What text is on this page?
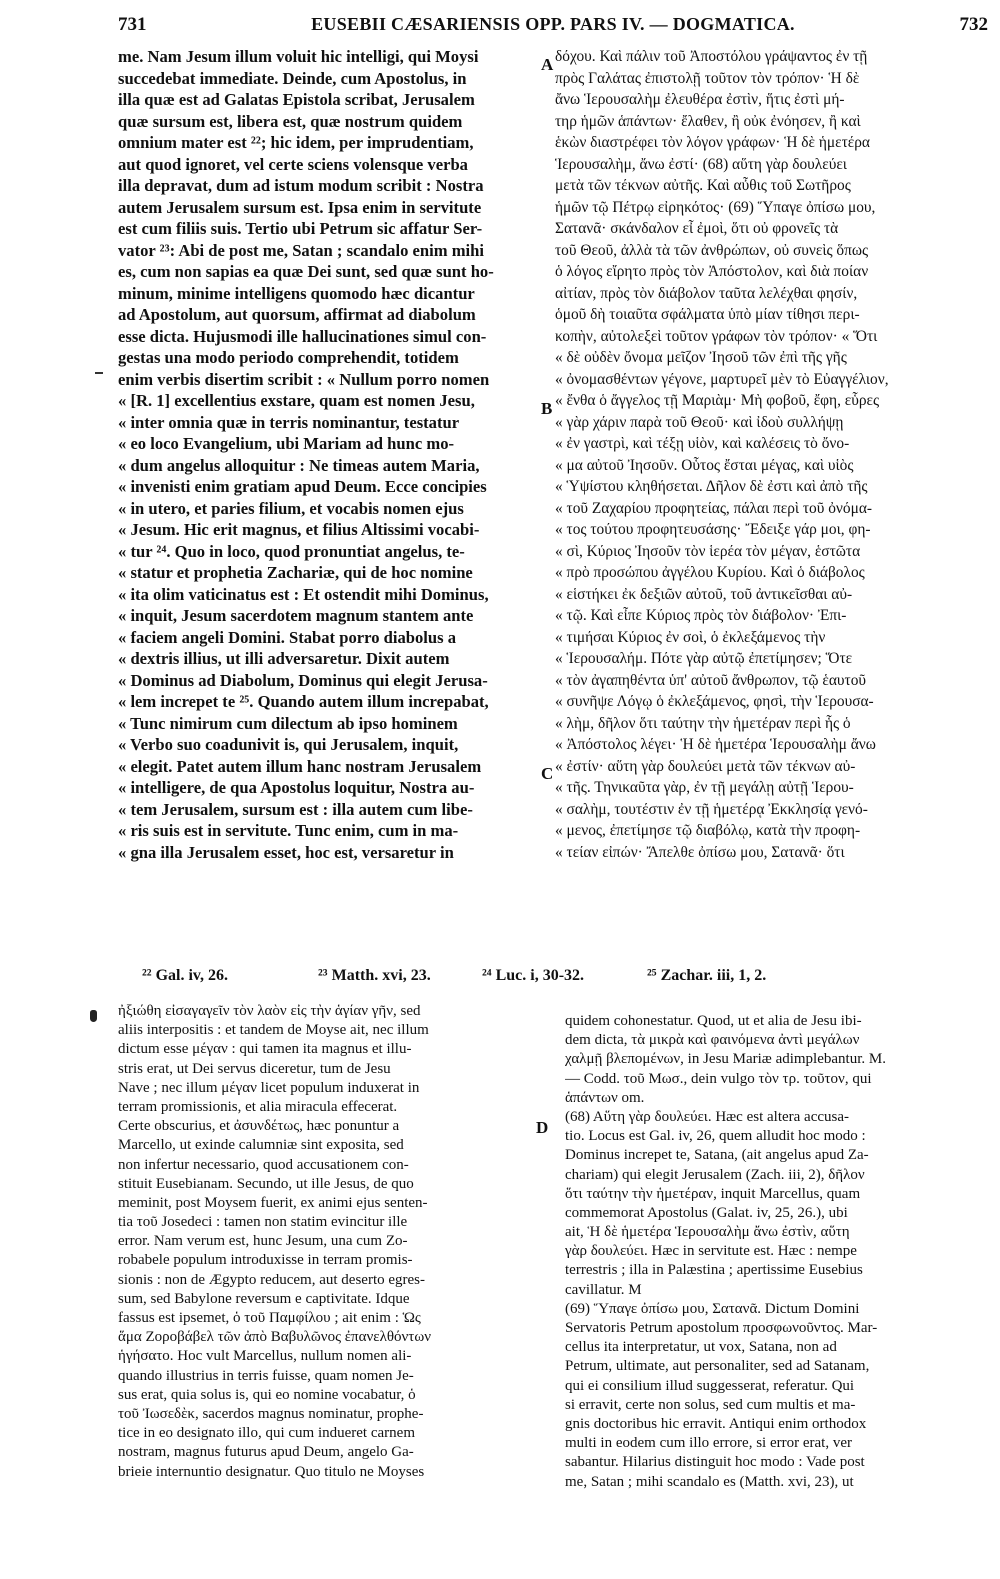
731	EUSEBII CÆSARIENSIS OPP. PARS IV. — DOGMATICA.	732
me. Nam Jesum illum voluit hic intelligi, qui Moysi
succedebat immediate. Deinde, cum Apostolus, in
illa quæ est ad Galatas Epistola scribat, Jerusalem
quæ sursum est, libera est, quæ nostrum quidem
omnium mater est ²²; hic idem, per imprudentiam,
aut quod ignoret, vel certe sciens volensque verba
illa depravat, dum ad istum modum scribit : Nostra
autem Jerusalem sursum est. Ipsa enim in servitute
est cum filiis suis. Tertio ubi Petrum sic affatur Ser-
vator ²³: Abi de post me, Satan ; scandalo enim mihi
es, cum non sapias ea quæ Dei sunt, sed quæ sunt ho-
minum, minime intelligens quomodo hæc dicantur
ad Apostolum, aut quorsum, affirmat ad diabolum
esse dicta. Hujusmodi ille hallucinationes simul con-
gestas una modo periodo comprehendit, totidem
enim verbis disertim scribit : « Nullum porro nomen
« [R. 1] excellentius exstare, quam est nomen Jesu,
« inter omnia quæ in terris nominantur, testatur
« eo loco Evangelium, ubi Mariam ad hunc mo-
« dum angelus alloquitur : Ne timeas autem Maria,
« invenisti enim gratiam apud Deum. Ecce concipies
« in utero, et paries filium, et vocabis nomen ejus
« Jesum. Hic erit magnus, et filius Altissimi vocabi-
« tur ²⁴. Quo in loco, quod pronuntiat angelus, te-
« statur et prophetia Zachariæ, qui de hoc nomine
« ita olim vaticinatus est : Et ostendit mihi Dominus,
« inquit, Jesum sacerdotem magnum stantem ante
« faciem angeli Domini. Stabat porro diabolus a
« dextris illius, ut illi adversaretur. Dixit autem
« Dominus ad Diabolum, Dominus qui elegit Jerusa-
« lem increpet te ²⁵. Quando autem illum increpabat,
« Tunc nimirum cum dilectum ab ipso hominem
« Verbo suo coadunivit is, qui Jerusalem, inquit,
« elegit. Patet autem illum hanc nostram Jerusalem
« intelligere, de qua Apostolus loquitur, Nostra au-
« tem Jerusalem, sursum est : illa autem cum libe-
« ris suis est in servitute. Tunc enim, cum in ma-
« gna illa Jerusalem esset, hoc est, versaretur in
δόχου. Καὶ πάλιν τοῦ Ἀποστόλου γράψαντος ἐν τῇ
πρὸς Γαλάτας ἐπιστολῇ τοῦτον τὸν τρόπον· Ἡ δὲ
ἄνω Ἱερουσαλὴμ ἐλευθέρα ἐστὶν, ἥτις ἐστὶ μή-
τηρ ἡμῶν ἁπάντων· ἔλαθεν, ἢ οὐκ ἐνόησεν, ἢ καὶ
ἑκὼν διαστρέφει τὸν λόγον γράφων· Ἡ δὲ ἡμετέρα
Ἱερουσαλὴμ, ἄνω ἐστί· (68) αὕτη γὰρ δουλεύει
μετὰ τῶν τέκνων αὐτῆς. Καὶ αὖθις τοῦ Σωτῆρος
ἡμῶν τῷ Πέτρῳ εἰρηκότος· (69) Ὕπαγε ὀπίσω μου,
Σατανᾶ· σκάνδαλον εἶ ἐμοὶ, ὅτι οὐ φρονεῖς τὰ
τοῦ Θεοῦ, ἀλλὰ τὰ τῶν ἀνθρώπων, οὐ συνεὶς ὅπως
ὁ λόγος εἴρητο πρὸς τὸν Ἀπόστολον, καὶ διὰ ποίαν
αἰτίαν, πρὸς τὸν διάβολον ταῦτα λελέχθαι φησίν,
ὁμοῦ δὴ τοιαῦτα σφάλματα ὑπὸ μίαν τίθησι περι-
κοπὴν, αὐτολεξεὶ τοῦτον γράφων τὸν τρόπον· « Ὅτι
« δὲ οὐδὲν ὄνομα μεῖζον Ἰησοῦ τῶν ἐπὶ τῆς γῆς
« ὀνομασθέντων γέγονε, μαρτυρεῖ μὲν τὸ Εὐαγγέλιον,
« ἔνθα ὁ ἄγγελος τῇ Μαριὰμ· Μὴ φοβοῦ, ἔφη, εὗρες
« γὰρ χάριν παρὰ τοῦ Θεοῦ· καὶ ἰδοὺ συλλήψῃ
« ἐν γαστρὶ, καὶ τέξῃ υἱὸν, καὶ καλέσεις τὸ ὄνο-
« μα αὐτοῦ Ἰησοῦν. Οὗτος ἔσται μέγας, καὶ υἱὸς
« Ὑψίστου κληθήσεται. Δῆλον δὲ ἐστι καὶ ἀπὸ τῆς
« τοῦ Ζαχαρίου προφητείας, πάλαι περὶ τοῦ ὀνόμα-
« τος τούτου προφητευσάσης· Ἔδειξε γάρ μοι, φη-
« σὶ, Κύριος Ἰησοῦν τὸν ἱερέα τὸν μέγαν, ἑστῶτα
« πρὸ προσώπου ἀγγέλου Κυρίου. Καὶ ὁ διάβολος
« εἱστήκει ἐκ δεξιῶν αὐτοῦ, τοῦ ἀντικεῖσθαι αὐ-
« τῷ. Καὶ εἶπε Κύριος πρὸς τὸν διάβολον· Ἐπι-
« τιμήσαι Κύριος ἐν σοὶ, ὁ ἐκλεξάμενος τὴν
« Ἱερουσαλήμ. Πότε γὰρ αὐτῷ ἐπετίμησεν; Ὅτε
« τὸν ἀγαπηθέντα ὑπ' αὐτοῦ ἄνθρωπον, τῷ ἑαυτοῦ
« συνῆψε Λόγῳ ὁ ἐκλεξάμενος, φησὶ, τὴν Ἱερουσα-
« λὴμ, δῆλον ὅτι ταύτην τὴν ἡμετέραν περὶ ἧς ὁ
« Ἀπόστολος λέγει· Ἡ δὲ ἡμετέρα Ἱερουσαλὴμ ἄνω
« ἐστίν· αὕτη γὰρ δουλεύει μετὰ τῶν τέκνων αὐ-
« τῆς. Τηνικαῦτα γὰρ, ἐν τῇ μεγάλῃ αὐτῇ Ἱερου-
« σαλὴμ, τουτέστιν ἐν τῇ ἡμετέρᾳ Ἐκκλησίᾳ γενό-
« μενος, ἐπετίμησε τῷ διαβόλῳ, κατὰ τὴν προφη-
« τείαν εἰπών· Ἄπελθε ὀπίσω μου, Σατανᾶ· ὅτι
A
B
C
D
²² Gal. iv, 26.	²³ Matth. xvi, 23.	²⁴ Luc. i, 30-32.	²⁵ Zachar. iii, 1, 2.
ἠξιώθη εἰσαγαγεῖν τὸν λαὸν εἰς τὴν ἁγίαν γῆν, sed
aliis interpositis : et tandem de Moyse ait, nec illum
dictum esse μέγαν : qui tamen ita magnus et illu-
stris erat, ut Dei servus diceretur, tum de Jesu
Nave ; nec illum μέγαν licet populum induxerat in
terram promissionis, et alia miracula effecerat.
Certe obscurius, et ἀσυνδέτως, hæc ponuntur a
Marcello, ut exinde calumniæ sint exposita, sed
non infertur necessario, quod accusationem con-
stituit Eusebianam. Secundo, ut ille Jesus, de quo
meminit, post Moysem fuerit, ex animi ejus senten-
tia τοῦ Josedeci : tamen non statim evincitur ille
error. Nam verum est, hunc Jesum, una cum Zo-
robabele populum introduxisse in terram promis-
sionis : non de Ægypto reducem, aut deserto egres-
sum, sed Babylone reversum e captivitate. Idque
fassus est ipsemet, ὁ τοῦ Παμφίλου ; ait enim : Ὡς
ἅμα Ζοροβάβελ τῶν ἀπὸ Βαβυλῶνος ἐπανελθόντων
ἡγήσατο. Hoc vult Marcellus, nullum nomen ali-
quando illustrius in terris fuisse, quam nomen Je-
sus erat, quia solus is, qui eo nomine vocabatur, ὁ
τοῦ Ἰωσεδὲκ, sacerdos magnus nominatur, prophe-
tice in eo designato illo, qui cum indueret carnem
nostram, magnus futurus apud Deum, angelo Ga-
brieie internuntio designatur. Quo titulo ne Moyses
quidem cohonestatur. Quod, ut et alia de Jesu ibi-
dem dicta, τὰ μικρὰ καὶ φαινόμενα ἀντὶ μεγάλων
χαλμῇ βλεπομένων, in Jesu Mariæ adimplebantur. M.
— Codd. τοῦ Μωσ., dein vulgo τὸν τρ. τοῦτον, qui
ἁπάντων om.
(68) Αὕτη γὰρ δουλεύει. Hæc est altera accusa-
tio. Locus est Gal. iv, 26, quem alludit hoc modo :
Dominus increpet te, Satana, (ait angelus apud Za-
chariam) qui elegit Jerusalem (Zach. iii, 2), δῆλον
ὅτι ταύτην τὴν ἡμετέραν, inquit Marcellus, quam
commemorat Apostolus (Galat. iv, 25, 26.), ubi
ait, Ἡ δὲ ἡμετέρα Ἱερουσαλὴμ ἄνω ἐστὶν, αὕτη
γὰρ δουλεύει. Hæc in servitute est. Hæc : nempe
terrestris ; illa in Palæstina ; apertissime Eusebius
cavillatur. M
(69) Ὕπαγε ὀπίσω μου, Σατανᾶ. Dictum Domini
Servatoris Petrum apostolum προσφωνοῦντος. Mar-
cellus ita interpretatur, ut vox, Satana, non ad
Petrum, ultimate, aut personaliter, sed ad Satanam,
qui ei consilium illud suggesserat, referatur. Qui
si erravit, certe non solus, sed cum multis et ma-
gnis doctoribus hic erravit. Antiqui enim orthodox
multi in eodem cum illo errore, si error erat, ver
sabantur. Hilarius distinguit hoc modo : Vade post
me, Satan ; mihi scandalo es (Matth. xvi, 23), ut
